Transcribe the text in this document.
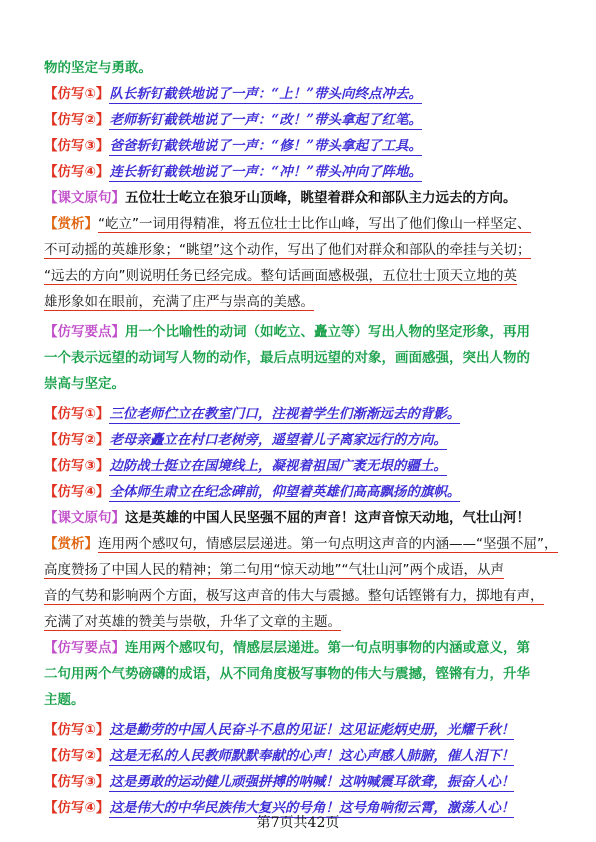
物的坚定与勇敢。
【仿写①】队长斩钉截铁地说了一声：“上！”带头向终点冲去。
【仿写②】老师斩钉截铁地说了一声：“改！”带头拿起了红笔。
【仿写③】爸爸斩钉截铁地说了一声：“修！”带头拿起了工具。
【仿写④】连长斩钉截铁地说了一声：“冲！”带头冲向了阵地。
【课文原句】五位壮士屹立在狼牙山顶峰，眺望着群众和部队主力远去的方向。
【赏析】“屹立”一词用得精准，将五位壮士比作山峰，写出了他们像山一样坚定、
不可动摇的英雄形象；“眺望”这个动作，写出了他们对群众和部队的牵挂与关切；
“远去的方向”则说明任务已经完成。整句话画面感极强，五位壮士顶天立地的英
雄形象如在眼前，充满了庄严与崇高的美感。
【仿写要点】用一个比喻性的动词（如屹立、矗立等）写出人物的坚定形象，再用
一个表示远望的动词写人物的动作，最后点明远望的对象，画面感强，突出人物的
崇高与坚定。
【仿写①】三位老师伫立在教室门口，注视着学生们渐渐远去的背影。
【仿写②】老母亲矗立在村口老树旁，遥望着儿子离家远行的方向。
【仿写③】边防战士挺立在国境线上，凝视着祖国广袤无垠的疆土。
【仿写④】全体师生肃立在纪念碑前，仰望着英雄们高高飘扬的旗帜。
【课文原句】这是英雄的中国人民坚强不屈的声音！这声音惊天动地，气壮山河！
【赏析】连用两个感叹句，情感层层递进。第一句点明这声音的内涵——“坚强不屈”，
高度赞扬了中国人民的精神；第二句用“惊天动地”“气壮山河”两个成语，从声
音的气势和影响两个方面，极写这声音的伟大与震撼。整句话铿锵有力，掷地有声，
充满了对英雄的赞美与崇敬，升华了文章的主题。
【仿写要点】连用两个感叹句，情感层层递进。第一句点明事物的内涵或意义，第
二句用两个气势磅礴的成语，从不同角度极写事物的伟大与震撼，铿锵有力，升华
主题。
【仿写①】这是勤劳的中国人民奋斗不息的见证！这见证彪炳史册，光耀千秋！
【仿写②】这是无私的人民教师默默奉献的心声！这心声感人肺腑，催人泪下！
【仿写③】这是勇敢的运动健儿顽强拼搏的呐喊！这呐喊震耳欲聋，振奋人心！
【仿写④】这是伟大的中华民族伟大复兴的号角！这号角响彻云霄，激荡人心！
第7页共42页
